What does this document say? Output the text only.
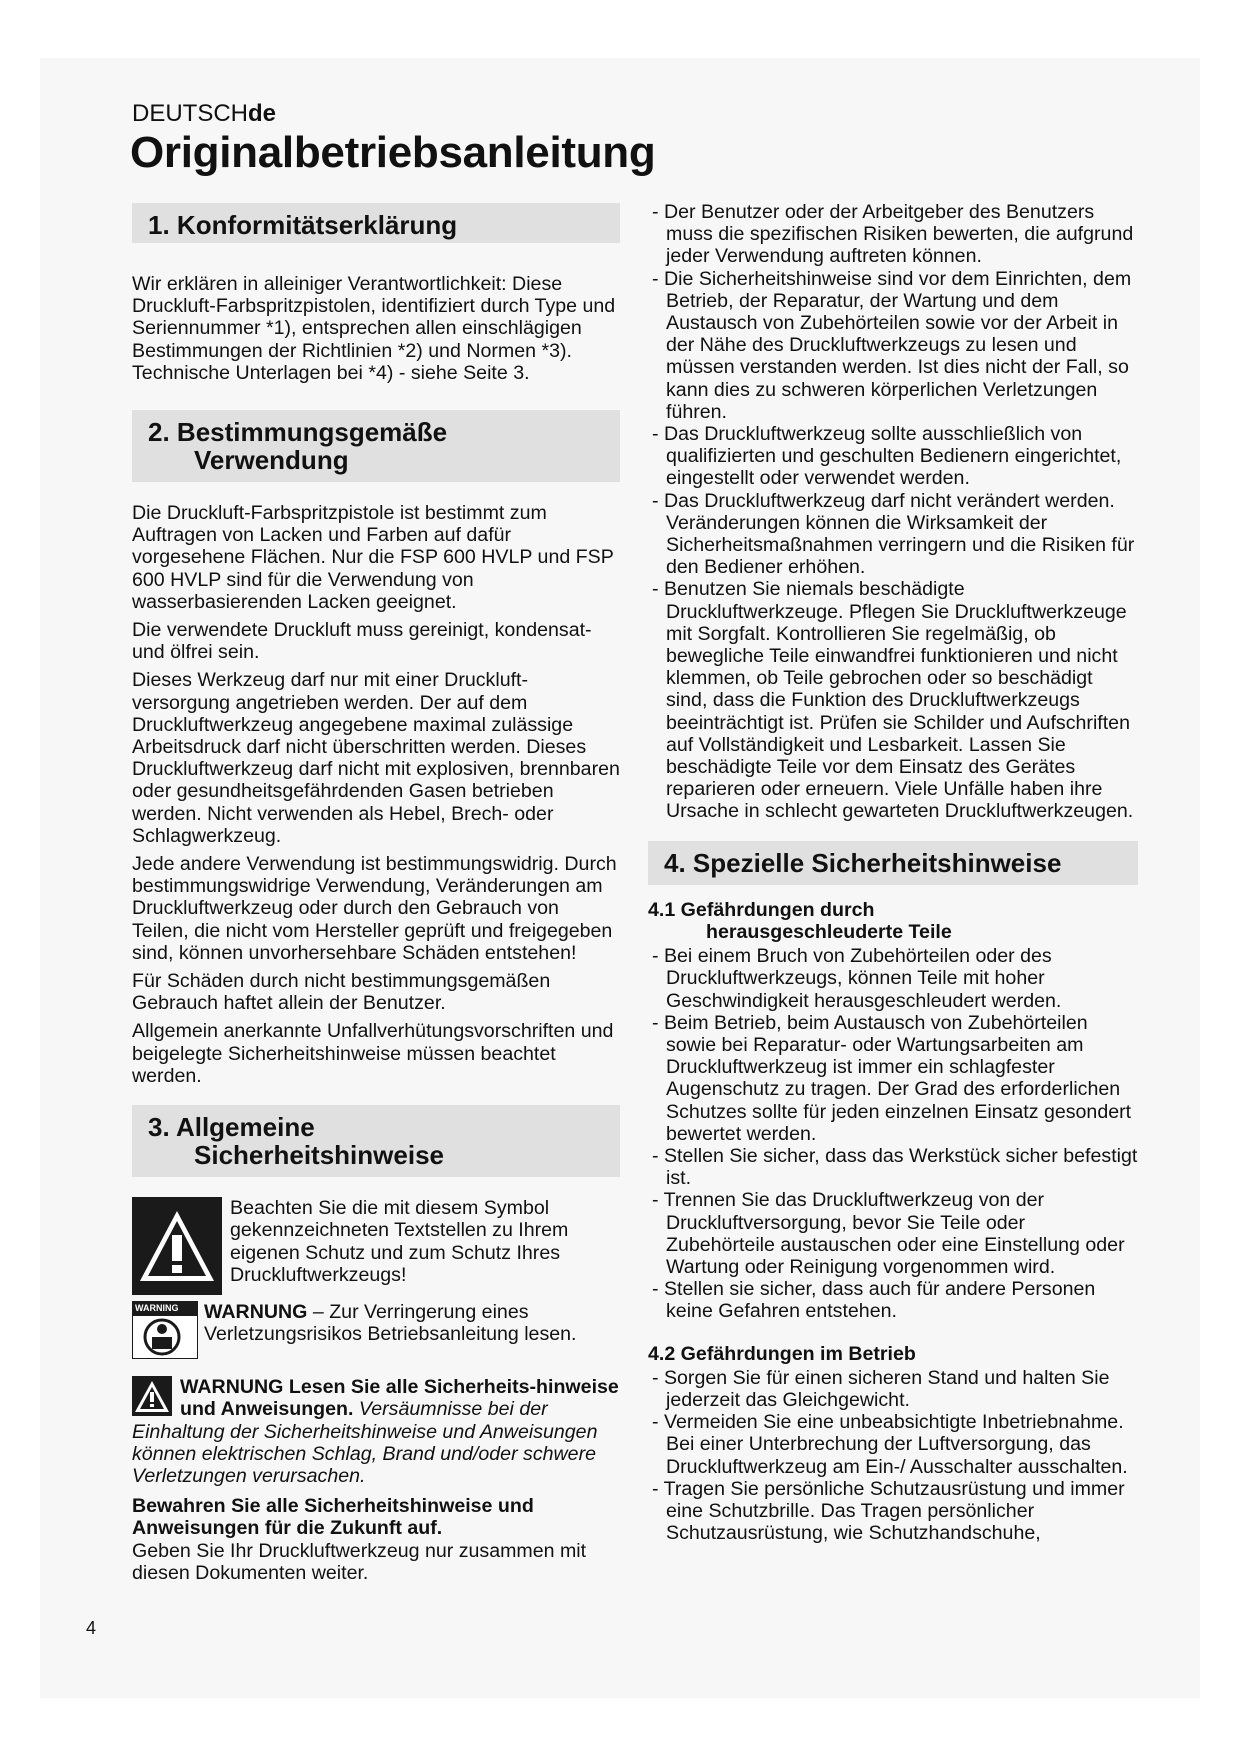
DEUTSCHde
Originalbetriebsanleitung
1. Konformitätserklärung

Wir erklären in alleiniger Verantwortlichkeit: Diese Druckluft-Farbspritzpistolen, identifiziert durch Type und Seriennummer *1), entsprechen allen einschlägigen Bestimmungen der Richtlinien *2) und Normen *3). Technische Unterlagen bei *4) - siehe Seite 3.

2. Bestimmungsgemäße
Verwendung

Die Druckluft-Farbspritzpistole ist bestimmt zum Auftragen von Lacken und Farben auf dafür vorgesehene Flächen. Nur die FSP 600 HVLP und FSP 600 HVLP sind für die Verwendung von wasserbasierenden Lacken geeignet.

Die verwendete Druckluft muss gereinigt, kondensat- und ölfrei sein.

Dieses Werkzeug darf nur mit einer Druckluft-versorgung angetrieben werden. Der auf dem Druckluftwerkzeug angegebene maximal zulässige Arbeitsdruck darf nicht überschritten werden. Dieses Druckluftwerkzeug darf nicht mit explosiven, brennbaren oder gesundheitsgefährdenden Gasen betrieben werden. Nicht verwenden als Hebel, Brech- oder Schlagwerkzeug.

Jede andere Verwendung ist bestimmungswidrig. Durch bestimmungswidrige Verwendung, Veränderungen am Druckluftwerkzeug oder durch den Gebrauch von Teilen, die nicht vom Hersteller geprüft und freigegeben sind, können unvorhersehbare Schäden entstehen!

Für Schäden durch nicht bestimmungsgemäßen Gebrauch haftet allein der Benutzer.

Allgemein anerkannte Unfallverhütungsvorschriften und beigelegte Sicherheitshinweise müssen beachtet werden.

3. Allgemeine
Sicherheitshinweise

Beachten Sie die mit diesem Symbol gekennzeichneten Textstellen zu Ihrem eigenen Schutz und zum Schutz Ihres Druckluftwerkzeugs!

WARNING	WARNUNG – Zur Verringerung eines Verletzungsrisikos Betriebsanleitung lesen.

WARNUNG Lesen Sie alle Sicherheits-hinweise und Anweisungen. Versäumnisse bei der Einhaltung der Sicherheitshinweise und Anweisungen können elektrischen Schlag, Brand und/oder schwere Verletzungen verursachen.

Bewahren Sie alle Sicherheitshinweise und Anweisungen für die Zukunft auf.

Geben Sie Ihr Druckluftwerkzeug nur zusammen mit diesen Dokumenten weiter.

- Der Benutzer oder der Arbeitgeber des Benutzers muss die spezifischen Risiken bewerten, die aufgrund jeder Verwendung auftreten können.
- Die Sicherheitshinweise sind vor dem Einrichten, dem Betrieb, der Reparatur, der Wartung und dem Austausch von Zubehörteilen sowie vor der Arbeit in der Nähe des Druckluftwerkzeugs zu lesen und müssen verstanden werden. Ist dies nicht der Fall, so kann dies zu schweren körperlichen Verletzungen führen.
- Das Druckluftwerkzeug sollte ausschließlich von qualifizierten und geschulten Bedienern eingerichtet, eingestellt oder verwendet werden.
- Das Druckluftwerkzeug darf nicht verändert werden. Veränderungen können die Wirksamkeit der Sicherheitsmaßnahmen verringern und die Risiken für den Bediener erhöhen.
- Benutzen Sie niemals beschädigte Druckluftwerkzeuge. Pflegen Sie Druckluftwerkzeuge mit Sorgfalt. Kontrollieren Sie regelmäßig, ob bewegliche Teile einwandfrei funktionieren und nicht klemmen, ob Teile gebrochen oder so beschädigt sind, dass die Funktion des Druckluftwerkzeugs beeinträchtigt ist. Prüfen sie Schilder und Aufschriften auf Vollständigkeit und Lesbarkeit. Lassen Sie beschädigte Teile vor dem Einsatz des Gerätes reparieren oder erneuern. Viele Unfälle haben ihre Ursache in schlecht gewarteten Druckluftwerkzeugen.
4. Spezielle Sicherheitshinweise
4.1 Gefährdungen durch
herausgeschleuderte Teile
- Bei einem Bruch von Zubehörteilen oder des Druckluftwerkzeugs, können Teile mit hoher Geschwindigkeit herausgeschleudert werden.
- Beim Betrieb, beim Austausch von Zubehörteilen sowie bei Reparatur- oder Wartungsarbeiten am Druckluftwerkzeug ist immer ein schlagfester Augenschutz zu tragen. Der Grad des erforderlichen Schutzes sollte für jeden einzelnen Einsatz gesondert bewertet werden.
- Stellen Sie sicher, dass das Werkstück sicher befestigt ist.
- Trennen Sie das Druckluftwerkzeug von der Druckluftversorgung, bevor Sie Teile oder Zubehörteile austauschen oder eine Einstellung oder Wartung oder Reinigung vorgenommen wird.
- Stellen sie sicher, dass auch für andere Personen keine Gefahren entstehen.
4.2 Gefährdungen im Betrieb
- Sorgen Sie für einen sicheren Stand und halten Sie jederzeit das Gleichgewicht.
- Vermeiden Sie eine unbeabsichtigte Inbetriebnahme. Bei einer Unterbrechung der Luftversorgung, das Druckluftwerkzeug am Ein-/ Ausschalter ausschalten.
- Tragen Sie persönliche Schutzausrüstung und immer eine Schutzbrille. Das Tragen persönlicher Schutzausrüstung, wie Schutzhandschuhe,
4
